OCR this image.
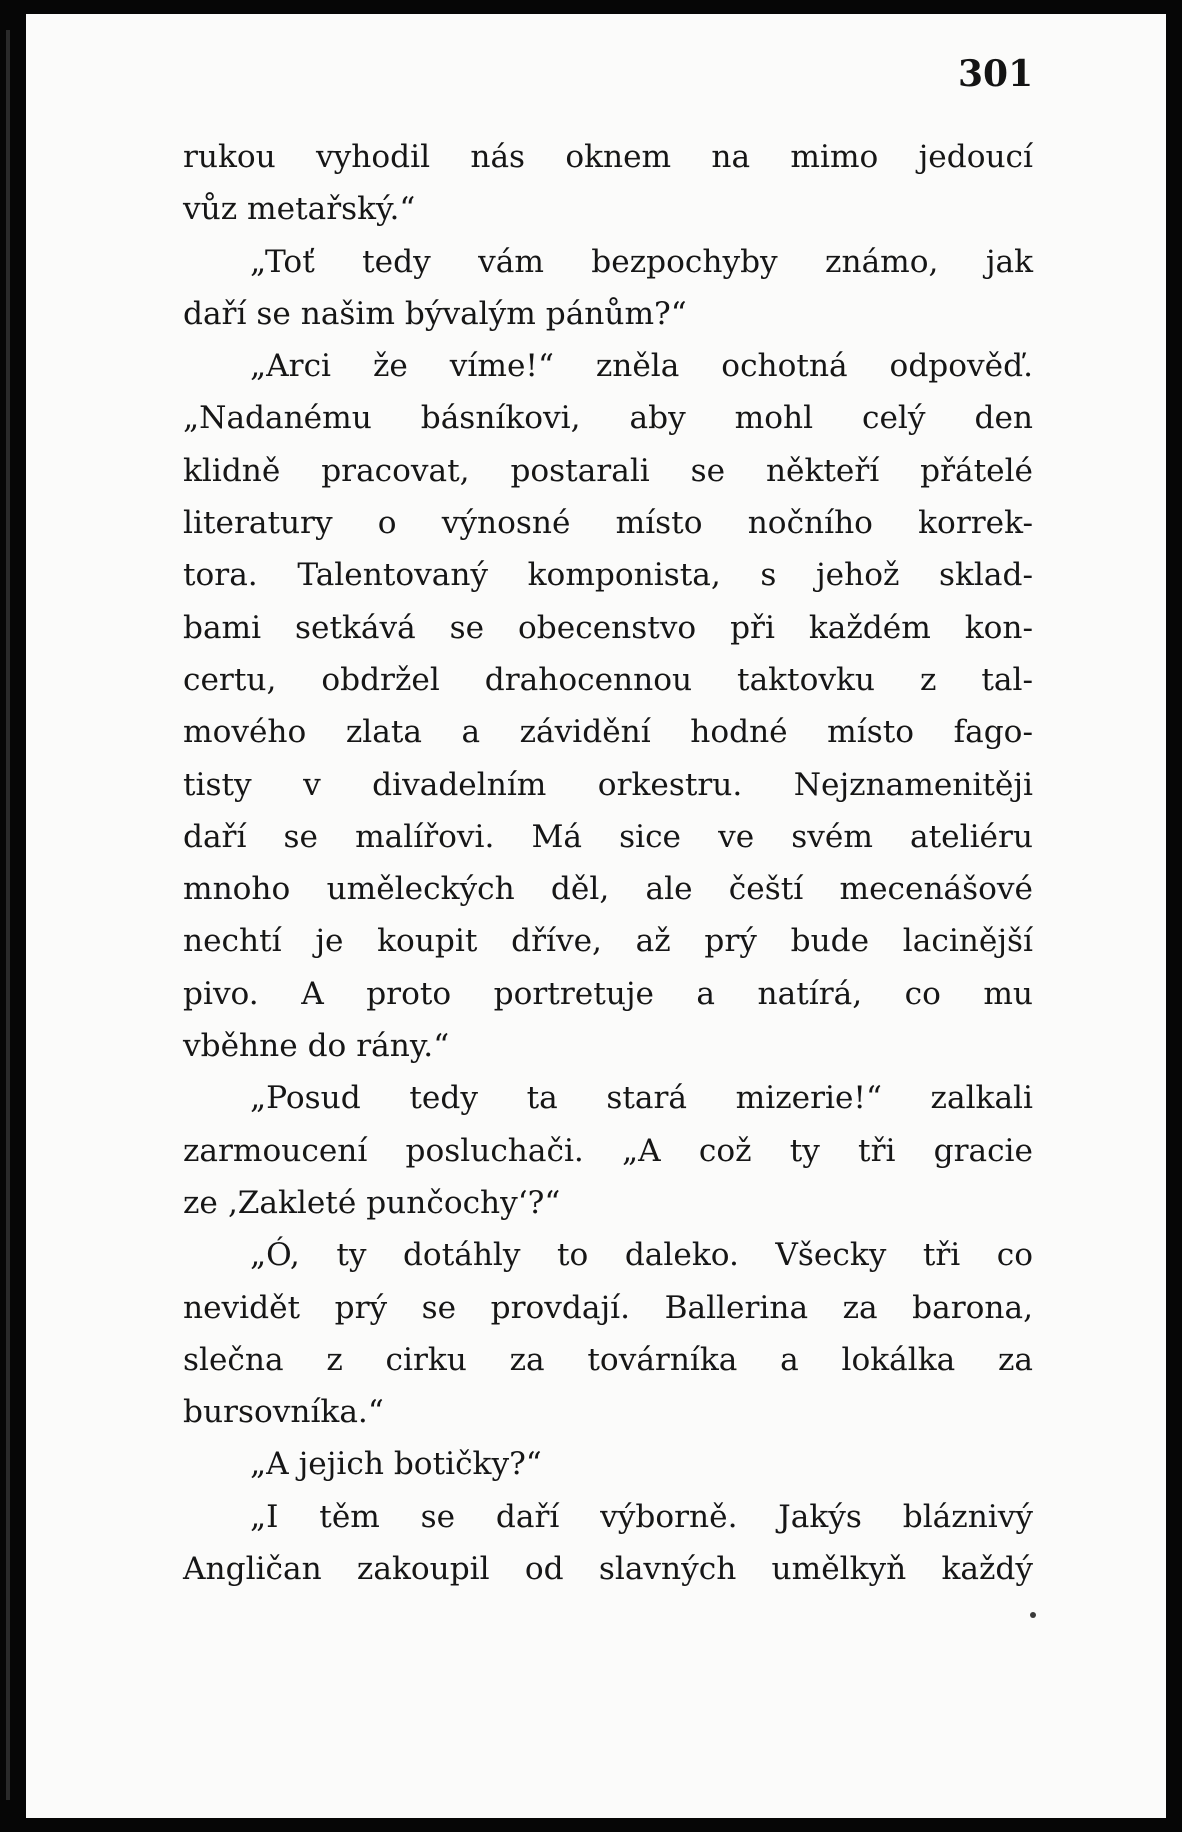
301
rukou vyhodil nás oknem na mimo jedoucí
vůz metařský.“
„Toť tedy vám bezpochyby známo, jak
daří se našim bývalým pánům?“
„Arci že víme!“ zněla ochotná odpověď.
„Nadanému básníkovi, aby mohl celý den
klidně pracovat, postarali se někteří přátelé
literatury o výnosné místo nočního korrek-
tora. Talentovaný komponista, s jehož sklad-
bami setkává se obecenstvo při každém kon-
certu, obdržel drahocennou taktovku z tal-
mového zlata a závidění hodné místo fago-
tisty v divadelním orkestru. Nejznamenitěji
daří se malířovi. Má sice ve svém ateliéru
mnoho uměleckých děl, ale čeští mecenášové
nechtí je koupit dříve, až prý bude lacinější
pivo. A proto portretuje a natírá, co mu
vběhne do rány.“
„Posud tedy ta stará mizerie!“ zalkali
zarmoucení posluchači. „A což ty tři gracie
ze ‚Zakleté punčochy‘?“
„Ó, ty dotáhly to daleko. Všecky tři co
nevidět prý se provdají. Ballerina za barona,
slečna z cirku za továrníka a lokálka za
bursovníka.“
„A jejich botičky?“
„I těm se daří výborně. Jakýs bláznivý
Angličan zakoupil od slavných umělkyň každý
